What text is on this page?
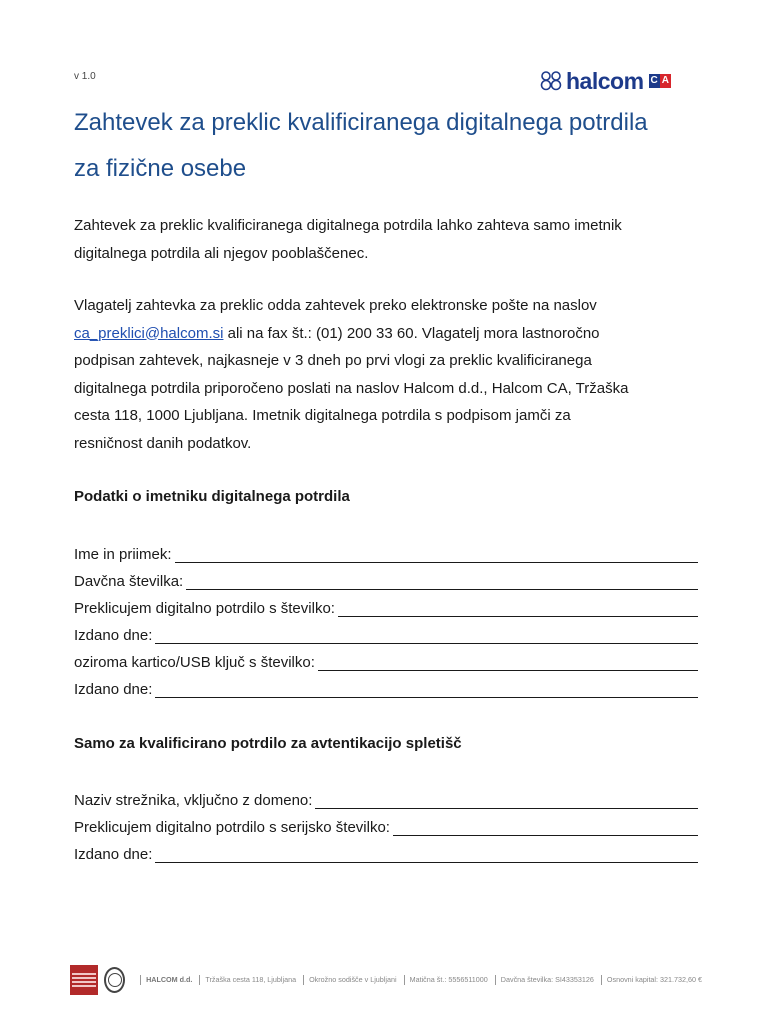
v 1.0	halcom C A
Zahtevek za preklic kvalificiranega digitalnega potrdila
za fizične osebe

Zahtevek za preklic kvalificiranega digitalnega potrdila lahko zahteva samo imetnik
digitalnega potrdila ali njegov pooblaščenec.

Vlagatelj zahtevka za preklic odda zahtevek preko elektronske pošte na naslov
ca_preklici@halcom.si ali na fax št.: (01) 200 33 60. Vlagatelj mora lastnoročno
podpisan zahtevek, najkasneje v 3 dneh po prvi vlogi za preklic kvalificiranega
digitalnega potrdila priporočeno poslati na naslov Halcom d.d., Halcom CA, Tržaška
cesta 118, 1000 Ljubljana. Imetnik digitalnega potrdila s podpisom jamči za
resničnost danih podatkov.

Podatki o imetniku digitalnega potrdila
Ime in priimek:
Davčna številka:
Preklicujem digitalno potrdilo s številko:
Izdano dne:
oziroma kartico/USB ključ s številko:
Izdano dne:
Samo za kvalificirano potrdilo za avtentikacijo spletišč
Naziv strežnika, vključno z domeno:
Preklicujem digitalno potrdilo s serijsko številko:
Izdano dne:
HALCOM d.d. Tržaška cesta 118, Ljubljana Okrožno sodišče v Ljubljani Matična št.: 5556511000 Davčna številka: SI43353126 Osnovni kapital: 321.732,60 €
